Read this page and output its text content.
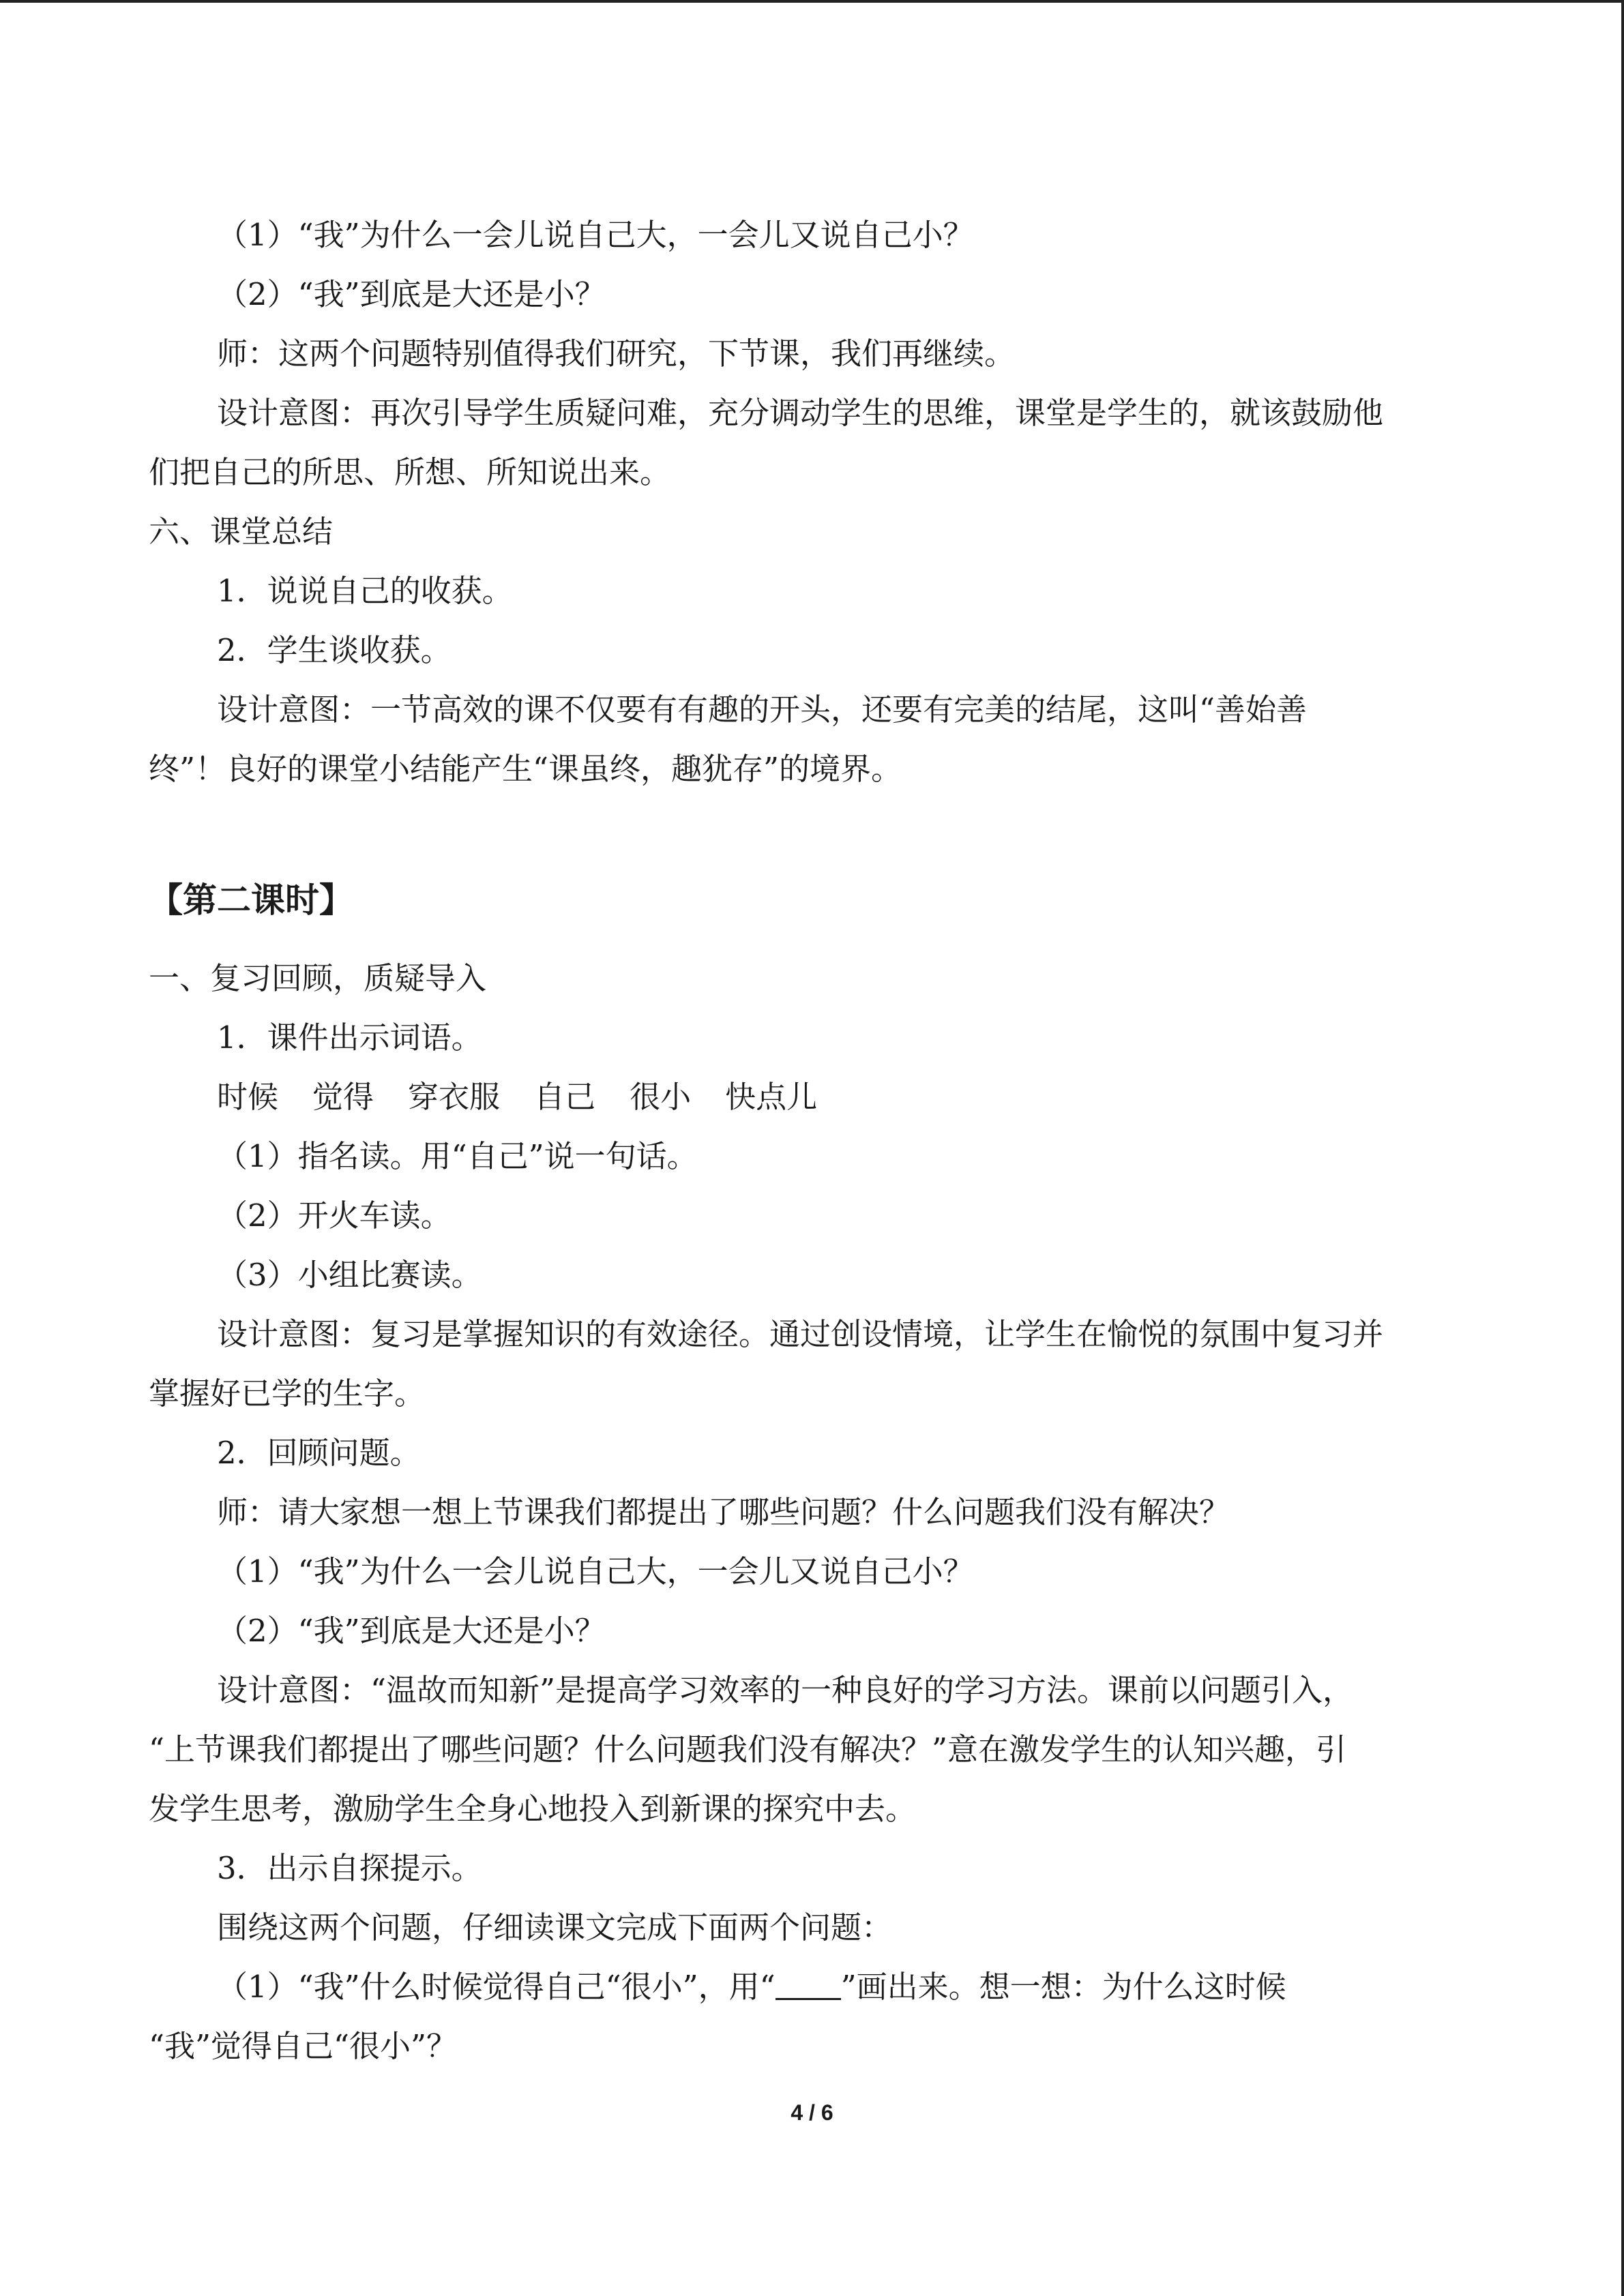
（1）“我”为什么一会儿说自己大，一会儿又说自己小？
（2）“我”到底是大还是小？
师：这两个问题特别值得我们研究，下节课，我们再继续。
设计意图：再次引导学生质疑问难，充分调动学生的思维，课堂是学生的，就该鼓励他
们把自己的所思、所想、所知说出来。
六、课堂总结
1．说说自己的收获。
2．学生谈收获。
设计意图：一节高效的课不仅要有有趣的开头，还要有完美的结尾，这叫“善始善
终”！良好的课堂小结能产生“课虽终，趣犹存”的境界。
【第二课时】
一、复习回顾，质疑导入
1．课件出示词语。
时候 觉得 穿衣服 自己 很小 快点儿
（1）指名读。用“自己”说一句话。
（2）开火车读。
（3）小组比赛读。
设计意图：复习是掌握知识的有效途径。通过创设情境，让学生在愉悦的氛围中复习并
掌握好已学的生字。
2．回顾问题。
师：请大家想一想上节课我们都提出了哪些问题？什么问题我们没有解决？
（1）“我”为什么一会儿说自己大，一会儿又说自己小？
（2）“我”到底是大还是小？
设计意图：“温故而知新”是提高学习效率的一种良好的学习方法。课前以问题引入，
“上节课我们都提出了哪些问题？什么问题我们没有解决？”意在激发学生的认知兴趣，引
发学生思考，激励学生全身心地投入到新课的探究中去。
3．出示自探提示。
围绕这两个问题，仔细读课文完成下面两个问题：
（1）“我”什么时候觉得自己“很小”，用“ ”画出来。想一想：为什么这时候
“我”觉得自己“很小”？
4 / 6
